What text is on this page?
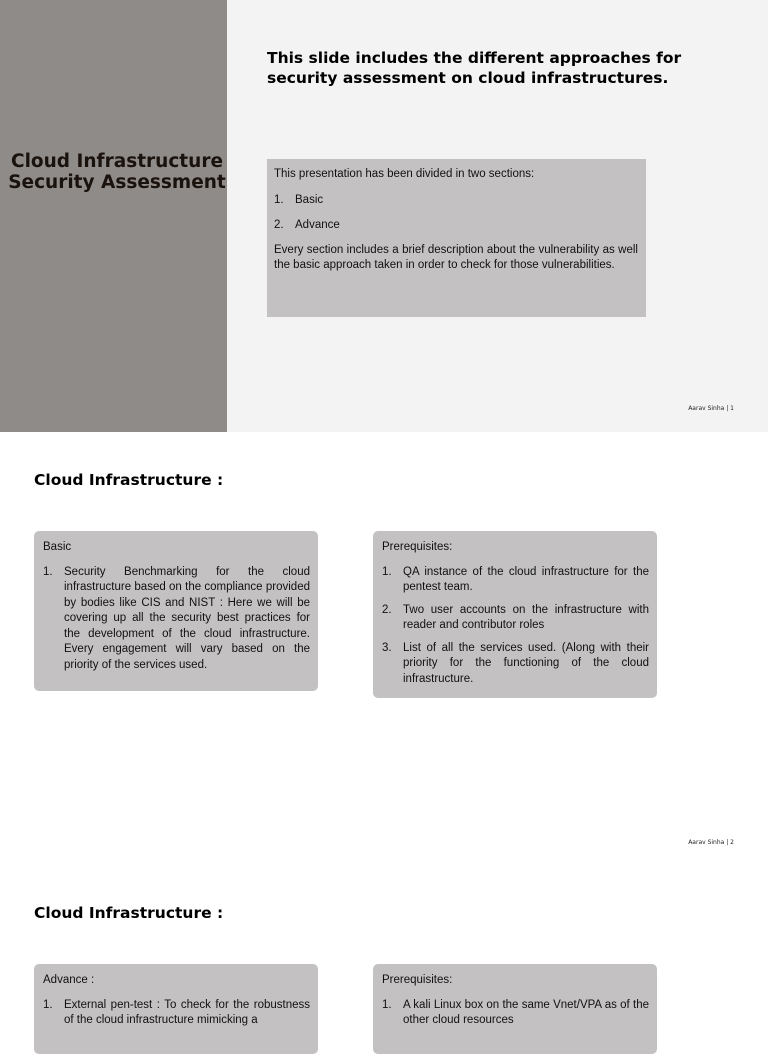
Cloud Infrastructure Security Assessment
This slide includes the different approaches for security assessment on cloud infrastructures.

This presentation has been divided in two sections:

1. Basic
2. Advance

Every section includes a brief description about the vulnerability as well the basic approach taken in order to check for those vulnerabilities.

Aarav Sinha | 1
Cloud Infrastructure :

Basic

1. Security Benchmarking for the cloud infrastructure based on the compliance provided by bodies like CIS and NIST : Here we will be covering up all the security best practices for the development of the cloud infrastructure. Every engagement will vary based on the priority of the services used.

Prerequisites:

1. QA instance of the cloud infrastructure for the pentest team.
2. Two user accounts on the infrastructure with reader and contributor roles
3. List of all the services used. (Along with their priority for the functioning of the cloud infrastructure.
Aarav Sinha | 2
Cloud Infrastructure :

Advance :

1. External pen-test : To check for the robustness of the cloud infrastructure mimicking a

Prerequisites:

1. A kali Linux box on the same Vnet/VPA as of the other cloud resources
